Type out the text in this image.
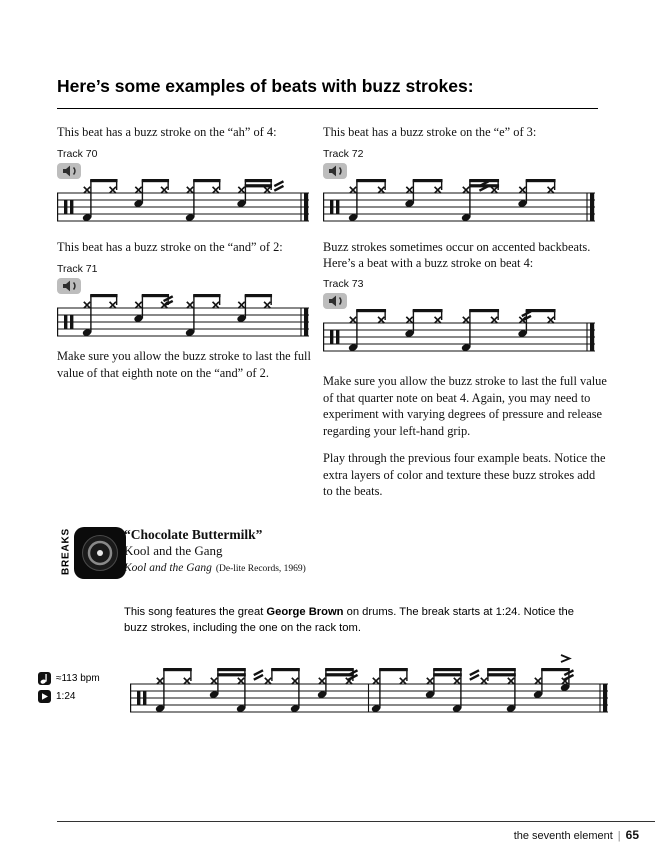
Here’s some examples of beats with buzz strokes:

This beat has a buzz stroke on the “ah” of 4:

Track 70

This beat has a buzz stroke on the “e” of 3:

Track 72

This beat has a buzz stroke on the “and” of 2:

Track 71

Buzz strokes sometimes occur on accented backbeats.
Here’s a beat with a buzz stroke on beat 4:

Track 73

Make sure you allow the buzz stroke to last the full value of that eighth note on the “and” of 2.

Make sure you allow the buzz stroke to last the full value of that quarter note on beat 4. Again, you may need to experiment with varying degrees of pressure and release regarding your left-hand grip.

Play through the previous four example beats. Notice the extra layers of color and texture these buzz strokes add to the beats.

BREAKS	“Chocolate Buttermilk”
Kool and the Gang
Kool and the Gang (De-lite Records, 1969)

This song features the great George Brown on drums. The break starts at 1:24. Notice the buzz strokes, including the one on the rack tom.

≈113 bpm
1:24
the seventh element | 65
